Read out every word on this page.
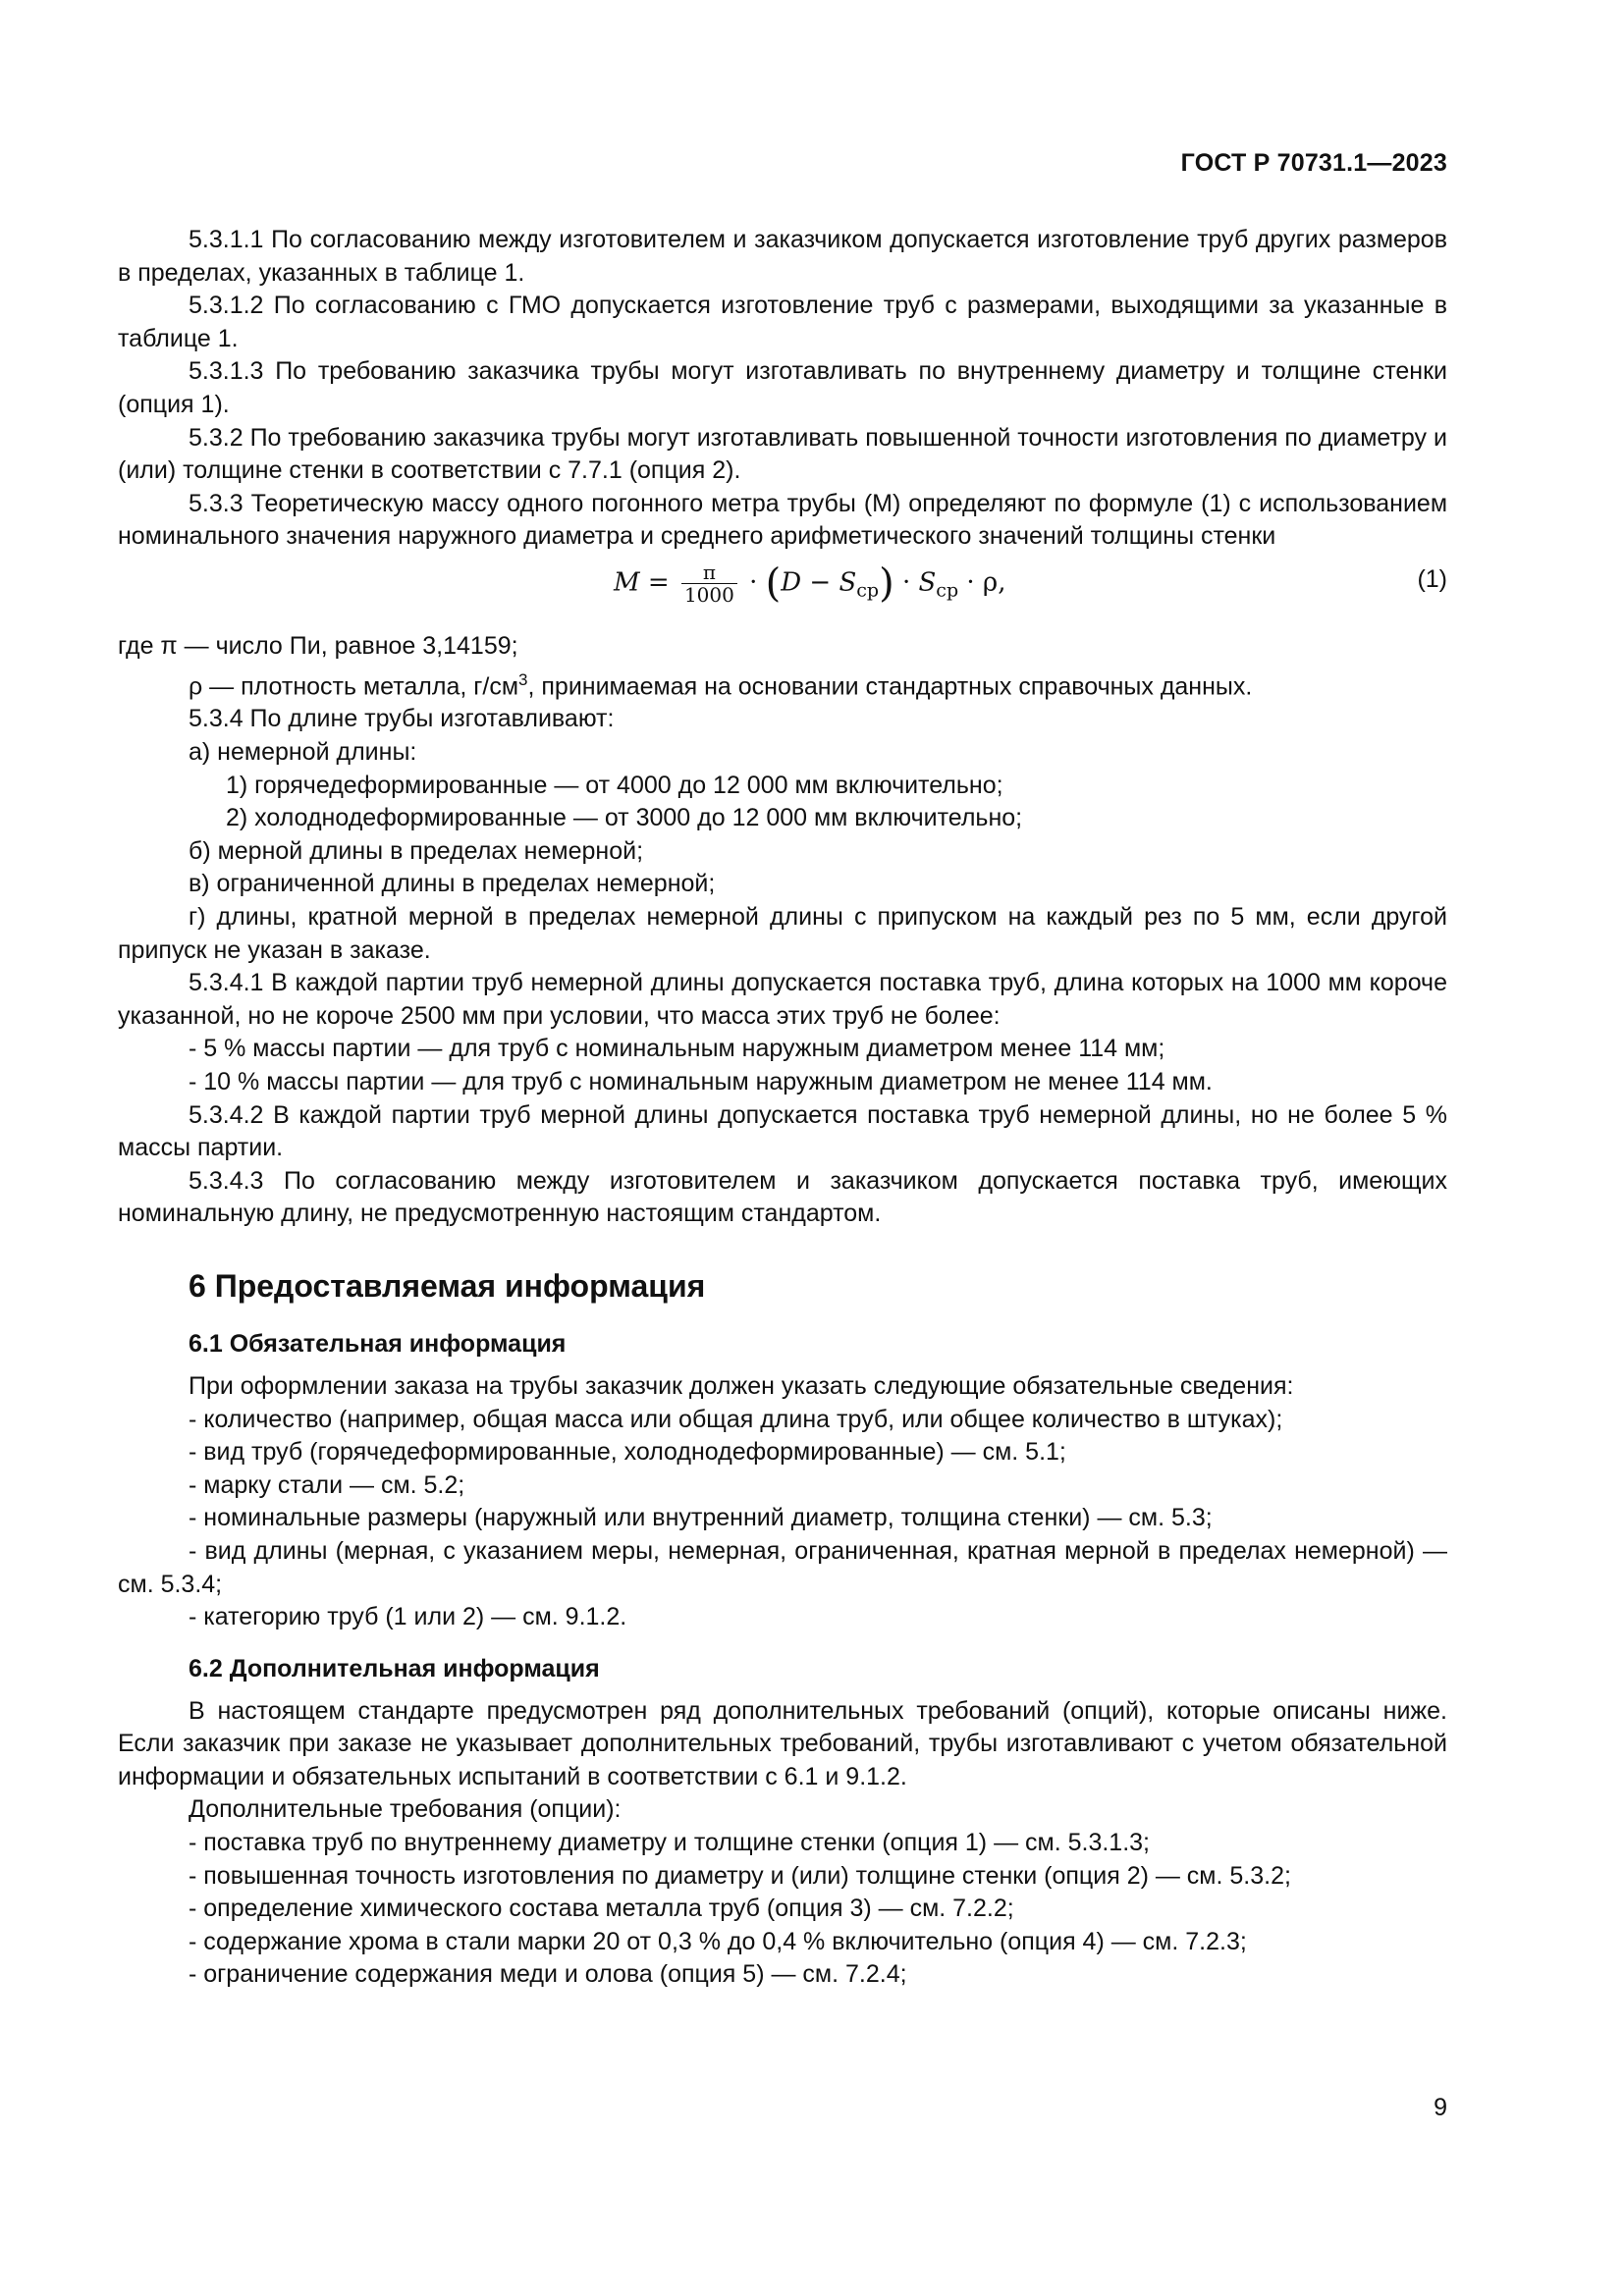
ГОСТ Р 70731.1—2023

5.3.1.1 По согласованию между изготовителем и заказчиком допускается изготовление труб других размеров в пределах, указанных в таблице 1.

5.3.1.2 По согласованию с ГМО допускается изготовление труб с размерами, выходящими за указанные в таблице 1.

5.3.1.3 По требованию заказчика трубы могут изготавливать по внутреннему диаметру и толщине стенки (опция 1).

5.3.2 По требованию заказчика трубы могут изготавливать повышенной точности изготовления по диаметру и (или) толщине стенки в соответствии с 7.7.1 (опция 2).

5.3.3 Теоретическую массу одного погонного метра трубы (M) определяют по формуле (1) с использованием номинального значения наружного диаметра и среднего арифметического значений толщины стенки

$M = \frac{\pi}{1000} \cdot (D - S_{ср}) \cdot S_{ср} \cdot \rho$,	(1)

где π — число Пи, равное 3,14159;

ρ — плотность металла, $г/см^3$, принимаемая на основании стандартных справочных данных.

5.3.4 По длине трубы изготавливают:

а) немерной длины:

1) горячедеформированные — от 4000 до 12 000 мм включительно;

2) холоднодеформированные — от 3000 до 12 000 мм включительно;

б) мерной длины в пределах немерной;

в) ограниченной длины в пределах немерной;

г) длины, кратной мерной в пределах немерной длины с припуском на каждый рез по 5 мм, если другой припуск не указан в заказе.

5.3.4.1 В каждой партии труб немерной длины допускается поставка труб, длина которых на 1000 мм короче указанной, но не короче 2500 мм при условии, что масса этих труб не более:

- 5 % массы партии — для труб с номинальным наружным диаметром менее 114 мм;

- 10 % массы партии — для труб с номинальным наружным диаметром не менее 114 мм.

5.3.4.2 В каждой партии труб мерной длины допускается поставка труб немерной длины, но не более 5 % массы партии.

5.3.4.3 По согласованию между изготовителем и заказчиком допускается поставка труб, имеющих номинальную длину, не предусмотренную настоящим стандартом.

6 Предоставляемая информация
6.1 Обязательная информация

При оформлении заказа на трубы заказчик должен указать следующие обязательные сведения:

- количество (например, общая масса или общая длина труб, или общее количество в штуках);

- вид труб (горячедеформированные, холоднодеформированные) — см. 5.1;

- марку стали — см. 5.2;

- номинальные размеры (наружный или внутренний диаметр, толщина стенки) — см. 5.3;

- вид длины (мерная, с указанием меры, немерная, ограниченная, кратная мерной в пределах немерной) — см. 5.3.4;

- категорию труб (1 или 2) — см. 9.1.2.

6.2 Дополнительная информация

В настоящем стандарте предусмотрен ряд дополнительных требований (опций), которые описаны ниже. Если заказчик при заказе не указывает дополнительных требований, трубы изготавливают с учетом обязательной информации и обязательных испытаний в соответствии с 6.1 и 9.1.2.

Дополнительные требования (опции):

- поставка труб по внутреннему диаметру и толщине стенки (опция 1) — см. 5.3.1.3;

- повышенная точность изготовления по диаметру и (или) толщине стенки (опция 2) — см. 5.3.2;

- определение химического состава металла труб (опция 3) — см. 7.2.2;

- содержание хрома в стали марки 20 от 0,3 % до 0,4 % включительно (опция 4) — см. 7.2.3;

- ограничение содержания меди и олова (опция 5) — см. 7.2.4;

9
